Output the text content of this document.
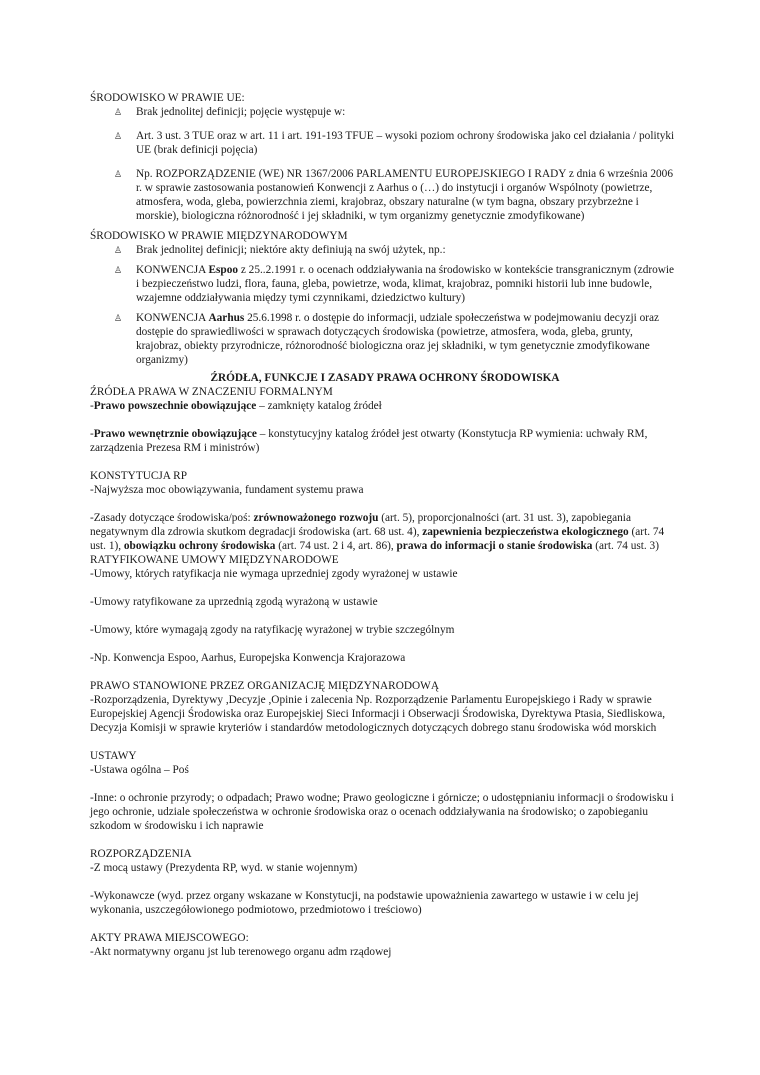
ŚRODOWISKO W PRAWIE UE:

♙ Brak jednolitej definicji; pojęcie występuje w:
♙ Art. 3 ust. 3 TUE oraz w art. 11 i art. 191-193 TFUE – wysoki poziom ochrony środowiska jako cel działania / polityki UE (brak definicji pojęcia)
♙ Np. ROZPORZĄDZENIE (WE) NR 1367/2006 PARLAMENTU EUROPEJSKIEGO I RADY z dnia 6 września 2006 r. w sprawie zastosowania postanowień Konwencji z Aarhus o (…) do instytucji i organów Wspólnoty (powietrze, atmosfera, woda, gleba, powierzchnia ziemi, krajobraz, obszary naturalne (w tym bagna, obszary przybrzeżne i morskie), biologiczna różnorodność i jej składniki, w tym organizmy genetycznie zmodyfikowane)

ŚRODOWISKO W PRAWIE MIĘDZYNARODOWYM

♙ Brak jednolitej definicji; niektóre akty definiują na swój użytek, np.:
♙ KONWENCJA Espoo z 25..2.1991 r. o ocenach oddziaływania na środowisko w kontekście transgranicznym (zdrowie i bezpieczeństwo ludzi, flora, fauna, gleba, powietrze, woda, klimat, krajobraz, pomniki historii lub inne budowle, wzajemne oddziaływania między tymi czynnikami, dziedzictwo kultury)
♙ KONWENCJA Aarhus 25.6.1998 r. o dostępie do informacji, udziale społeczeństwa w podejmowaniu decyzji oraz dostępie do sprawiedliwości w sprawach dotyczących środowiska (powietrze, atmosfera, woda, gleba, grunty, krajobraz, obiekty przyrodnicze, różnorodność biologiczna oraz jej składniki, w tym genetycznie zmodyfikowane organizmy)

ŹRÓDŁA, FUNKCJE I ZASADY PRAWA OCHRONY ŚRODOWISKA

ŹRÓDŁA PRAWA W ZNACZENIU FORMALNYM

-Prawo powszechnie obowiązujące – zamknięty katalog źródeł

-Prawo wewnętrznie obowiązujące – konstytucyjny katalog źródeł jest otwarty (Konstytucja RP wymienia: uchwały RM, zarządzenia Prezesa RM i ministrów)

KONSTYTUCJA RP

-Najwyższa moc obowiązywania, fundament systemu prawa

-Zasady dotyczące środowiska/poś: zrównoważonego rozwoju (art. 5), proporcjonalności (art. 31 ust. 3), zapobiegania negatywnym dla zdrowia skutkom degradacji środowiska (art. 68 ust. 4), zapewnienia bezpieczeństwa ekologicznego (art. 74 ust. 1), obowiązku ochrony środowiska (art. 74 ust. 2 i 4, art. 86), prawa do informacji o stanie środowiska (art. 74 ust. 3)

RATYFIKOWANE UMOWY MIĘDZYNARODOWE

-Umowy, których ratyfikacja nie wymaga uprzedniej zgody wyrażonej w ustawie

-Umowy ratyfikowane za uprzednią zgodą wyrażoną w ustawie

-Umowy, które wymagają zgody na ratyfikację wyrażonej w trybie szczególnym

-Np. Konwencja Espoo, Aarhus, Europejska Konwencja Krajorazowa

PRAWO STANOWIONE PRZEZ ORGANIZACJĘ MIĘDZYNARODOWĄ

-Rozporządzenia, Dyrektywy ,Decyzje ,Opinie i zalecenia Np. Rozporządzenie Parlamentu Europejskiego i Rady w sprawie Europejskiej Agencji Środowiska oraz Europejskiej Sieci Informacji i Obserwacji Środowiska, Dyrektywa Ptasia, Siedliskowa, Decyzja Komisji w sprawie kryteriów i standardów metodologicznych dotyczących dobrego stanu środowiska wód morskich

USTAWY

-Ustawa ogólna – Poś

-Inne: o ochronie przyrody; o odpadach; Prawo wodne; Prawo geologiczne i górnicze; o udostępnianiu informacji o środowisku i jego ochronie, udziale społeczeństwa w ochronie środowiska oraz o ocenach oddziaływania na środowisko; o zapobieganiu szkodom w środowisku i ich naprawie

ROZPORZĄDZENIA

-Z mocą ustawy (Prezydenta RP, wyd. w stanie wojennym)

-Wykonawcze (wyd. przez organy wskazane w Konstytucji, na podstawie upoważnienia zawartego w ustawie i w celu jej wykonania, uszczegółowionego podmiotowo, przedmiotowo i treściowo)

AKTY PRAWA MIEJSCOWEGO:

-Akt normatywny organu jst lub terenowego organu adm rządowej
